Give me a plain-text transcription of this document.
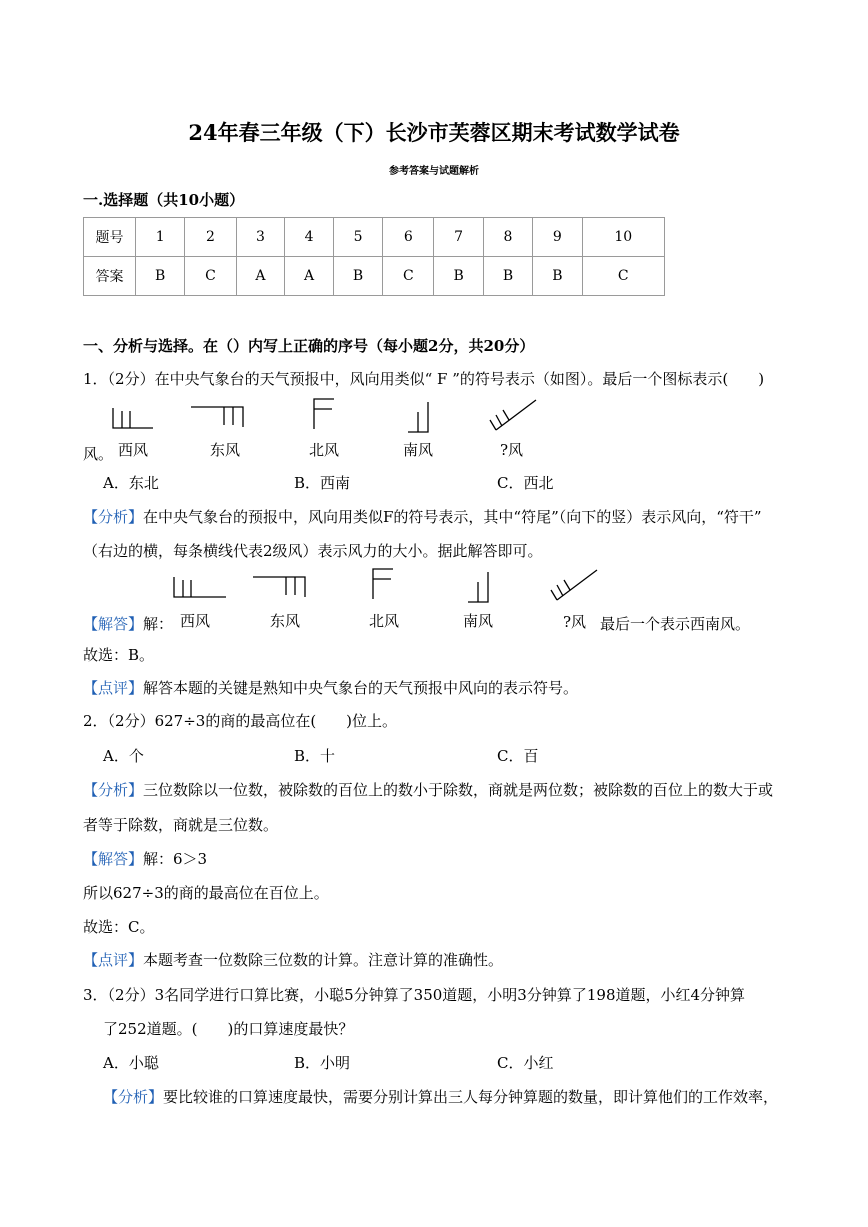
24年春三年级（下）长沙市芙蓉区期末考试数学试卷
参考答案与试题解析
一.选择题（共10小题）
题号	1	2	3	4	5	6	7	8	9	10
答案	B	C	A	A	B	C	B	B	B	C
一、分析与选择。在（）内写上正确的序号（每小题2分，共20分）
1．（2分）在中央气象台的天气预报中，风向用类似“ F ”的符号表示（如图）。最后一个图标表示(　　)
风。 西风	东风	北风	南风	?风
A．东北	B．西南	C．西北
【分析】在中央气象台的预报中，风向用类似F的符号表示，其中“符尾”（向下的竖）表示风向，“符干”
（右边的横，每条横线代表2级风）表示风力的大小。据此解答即可。
【解答】解： 西风	东风	北风	南风	?风 最后一个表示西南风。
故选：B。
【点评】解答本题的关键是熟知中央气象台的天气预报中风向的表示符号。
2．（2分）627÷3的商的最高位在(　　)位上。
A．个	B．十	C．百
【分析】三位数除以一位数，被除数的百位上的数小于除数，商就是两位数；被除数的百位上的数大于或
者等于除数，商就是三位数。
【解答】解：6＞3
所以627÷3的商的最高位在百位上。
故选：C。
【点评】本题考查一位数除三位数的计算。注意计算的准确性。
3．（2分）3名同学进行口算比赛，小聪5分钟算了350道题，小明3分钟算了198道题，小红4分钟算
了252道题。(　　)的口算速度最快？
A．小聪	B．小明	C．小红
【分析】要比较谁的口算速度最快，需要分别计算出三人每分钟算题的数量，即计算他们的工作效率，
